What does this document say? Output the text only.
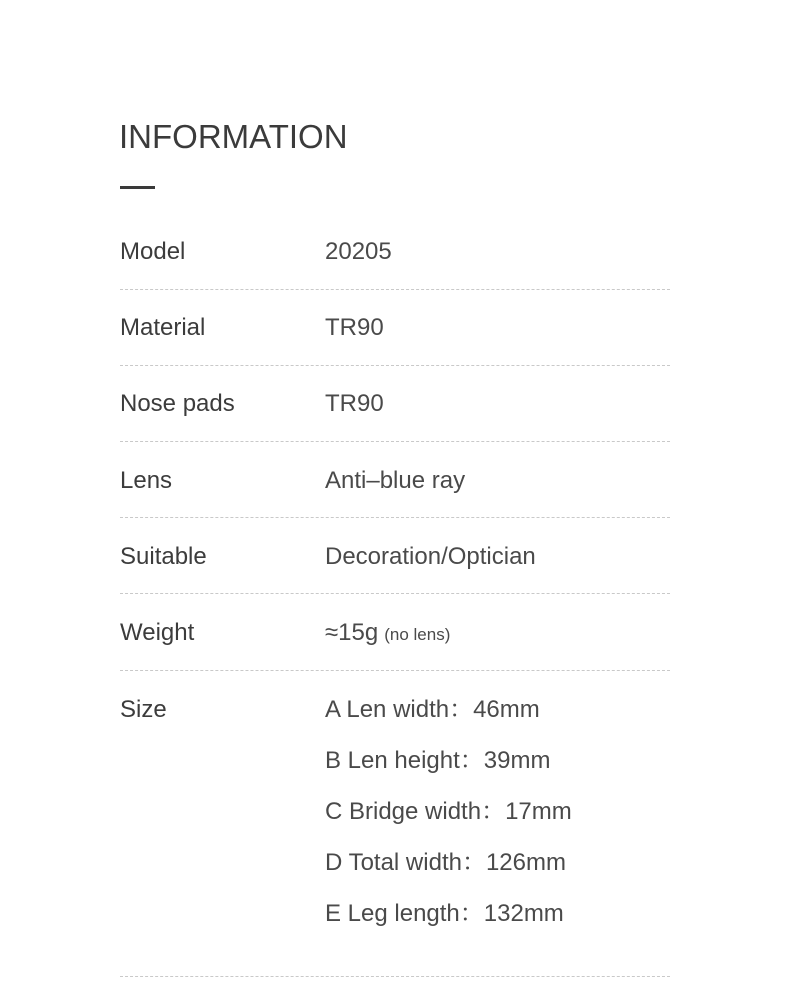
INFORMATION
Model	20205
Material	TR90
Nose pads	TR90
Lens	Anti–blue ray
Suitable	Decoration/Optician
Weight	≈15g (no lens)
Size	A Len width：46mm
B Len height：39mm
C Bridge width：17mm
D Total width：126mm
E Leg length：132mm
